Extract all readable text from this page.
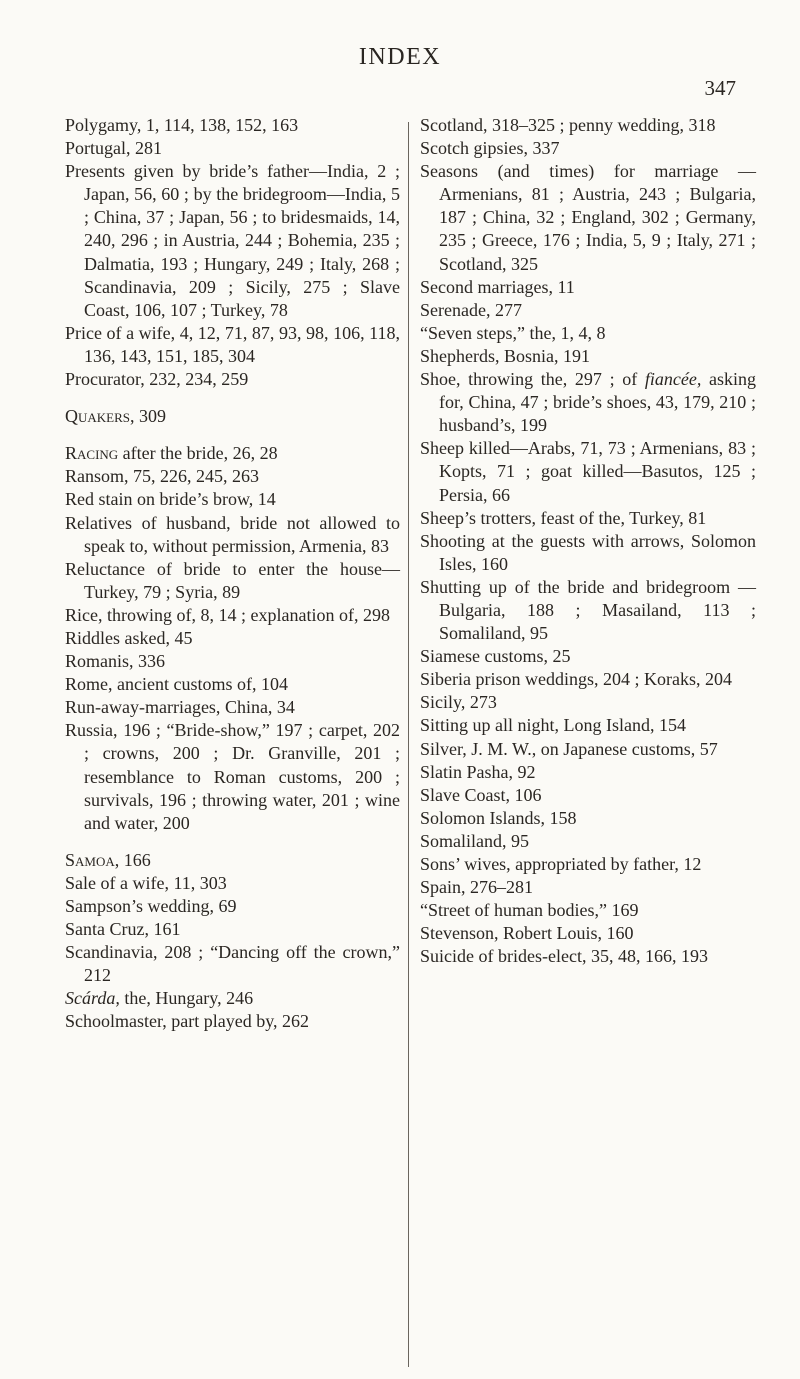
INDEX
347
Polygamy, 1, 114, 138, 152, 163
Portugal, 281
Presents given by bride’s father—India, 2 ; Japan, 56, 60 ; by the bridegroom—India, 5 ; China, 37 ; Japan, 56 ; to bridesmaids, 14, 240, 296 ; in Austria, 244 ; Bohemia, 235 ; Dalmatia, 193 ; Hungary, 249 ; Italy, 268 ; Scandinavia, 209 ; Sicily, 275 ; Slave Coast, 106, 107 ; Turkey, 78
Price of a wife, 4, 12, 71, 87, 93, 98, 106, 118, 136, 143, 151, 185, 304
Procurator, 232, 234, 259
Quakers, 309
Racing after the bride, 26, 28
Ransom, 75, 226, 245, 263
Red stain on bride’s brow, 14
Relatives of husband, bride not allowed to speak to, without permission, Armenia, 83
Reluctance of bride to enter the house—Turkey, 79 ; Syria, 89
Rice, throwing of, 8, 14 ; explanation of, 298
Riddles asked, 45
Romanis, 336
Rome, ancient customs of, 104
Run-away-marriages, China, 34
Russia, 196 ; “Bride-show,” 197 ; carpet, 202 ; crowns, 200 ; Dr. Granville, 201 ; resemblance to Roman customs, 200 ; survivals, 196 ; throwing water, 201 ; wine and water, 200
Samoa, 166
Sale of a wife, 11, 303
Sampson’s wedding, 69
Santa Cruz, 161
Scandinavia, 208 ; “Dancing off the crown,” 212
Scárda, the, Hungary, 246
Schoolmaster, part played by, 262
Scotland, 318–325 ; penny wedding, 318
Scotch gipsies, 337
Seasons (and times) for marriage —Armenians, 81 ; Austria, 243 ; Bulgaria, 187 ; China, 32 ; England, 302 ; Germany, 235 ; Greece, 176 ; India, 5, 9 ; Italy, 271 ; Scotland, 325
Second marriages, 11
Serenade, 277
“Seven steps,” the, 1, 4, 8
Shepherds, Bosnia, 191
Shoe, throwing the, 297 ; of fiancée, asking for, China, 47 ; bride’s shoes, 43, 179, 210 ; husband’s, 199
Sheep killed—Arabs, 71, 73 ; Armenians, 83 ; Kopts, 71 ; goat killed—Basutos, 125 ; Persia, 66
Sheep’s trotters, feast of the, Turkey, 81
Shooting at the guests with arrows, Solomon Isles, 160
Shutting up of the bride and bridegroom — Bulgaria, 188 ; Masailand, 113 ; Somaliland, 95
Siamese customs, 25
Siberia prison weddings, 204 ; Koraks, 204
Sicily, 273
Sitting up all night, Long Island, 154
Silver, J. M. W., on Japanese customs, 57
Slatin Pasha, 92
Slave Coast, 106
Solomon Islands, 158
Somaliland, 95
Sons’ wives, appropriated by father, 12
Spain, 276–281
“Street of human bodies,” 169
Stevenson, Robert Louis, 160
Suicide of brides-elect, 35, 48, 166, 193
